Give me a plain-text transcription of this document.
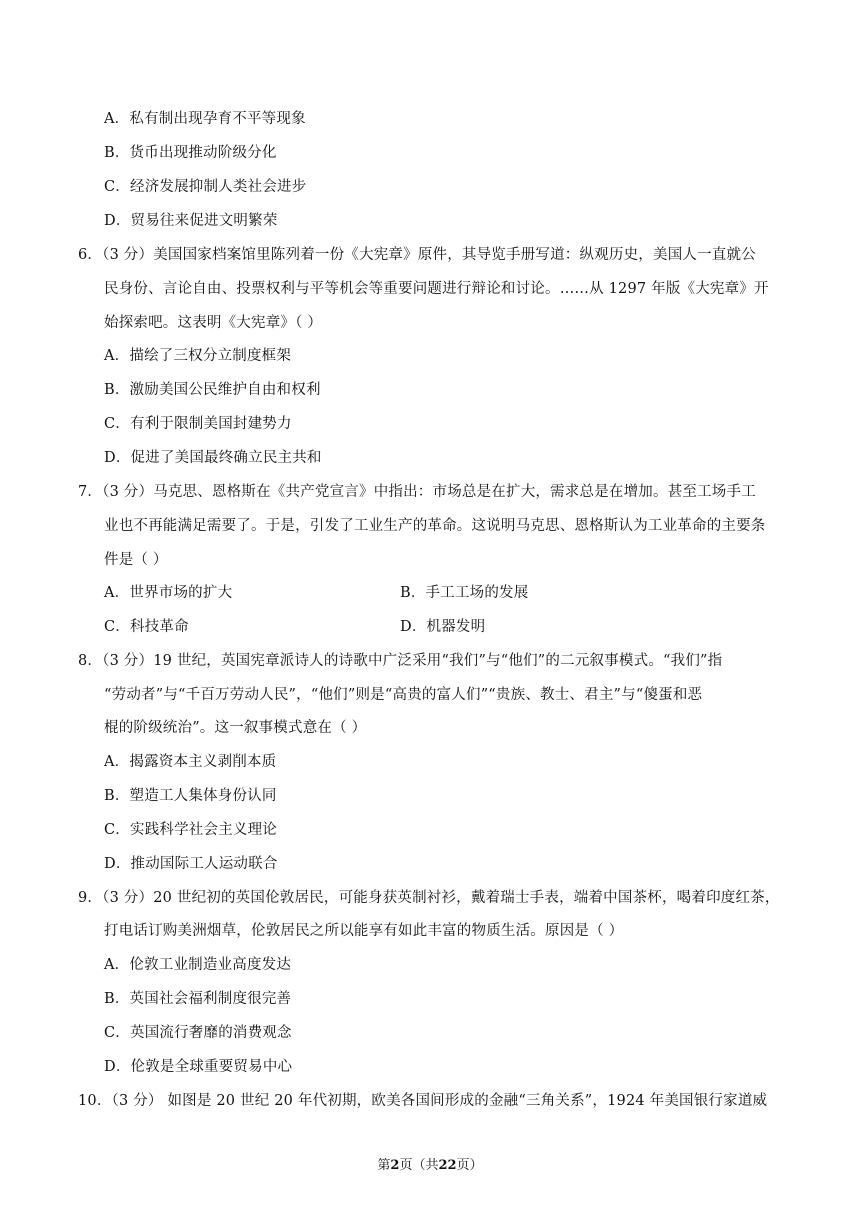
A．私有制出现孕育不平等现象
B．货币出现推动阶级分化
C．经济发展抑制人类社会进步
D．贸易往来促进文明繁荣
6．（3 分）美国国家档案馆里陈列着一份《大宪章》原件，其导览手册写道：纵观历史，美国人一直就公
民身份、言论自由、投票权利与平等机会等重要问题进行辩论和讨论。……从 1297 年版《大宪章》开
始探索吧。这表明《大宪章》（ ）
A．描绘了三权分立制度框架
B．激励美国公民维护自由和权利
C．有利于限制美国封建势力
D．促进了美国最终确立民主共和
7．（3 分）马克思、恩格斯在《共产党宣言》中指出：市场总是在扩大，需求总是在增加。甚至工场手工
业也不再能满足需要了。于是，引发了工业生产的革命。这说明马克思、恩格斯认为工业革命的主要条
件是（ ）
A．世界市场的扩大	B．手工工场的发展
C．科技革命	D．机器发明
8．（3 分）19 世纪，英国宪章派诗人的诗歌中广泛采用“我们”与“他们”的二元叙事模式。“我们”指
“劳动者”与“千百万劳动人民”，“他们”则是“高贵的富人们”“贵族、教士、君主”与“傻蛋和恶
棍的阶级统治”。这一叙事模式意在（ ）
A．揭露资本主义剥削本质
B．塑造工人集体身份认同
C．实践科学社会主义理论
D．推动国际工人运动联合
9．（3 分）20 世纪初的英国伦敦居民，可能身获英制衬衫，戴着瑞士手表，端着中国茶杯，喝着印度红茶，
打电话订购美洲烟草，伦敦居民之所以能享有如此丰富的物质生活。原因是（ ）
A．伦敦工业制造业高度发达
B．英国社会福利制度很完善
C．英国流行奢靡的消费观念
D．伦敦是全球重要贸易中心
10．（3 分） 如图是 20 世纪 20 年代初期，欧美各国间形成的金融“三角关系”，1924 年美国银行家道威
第2页（共22页）
